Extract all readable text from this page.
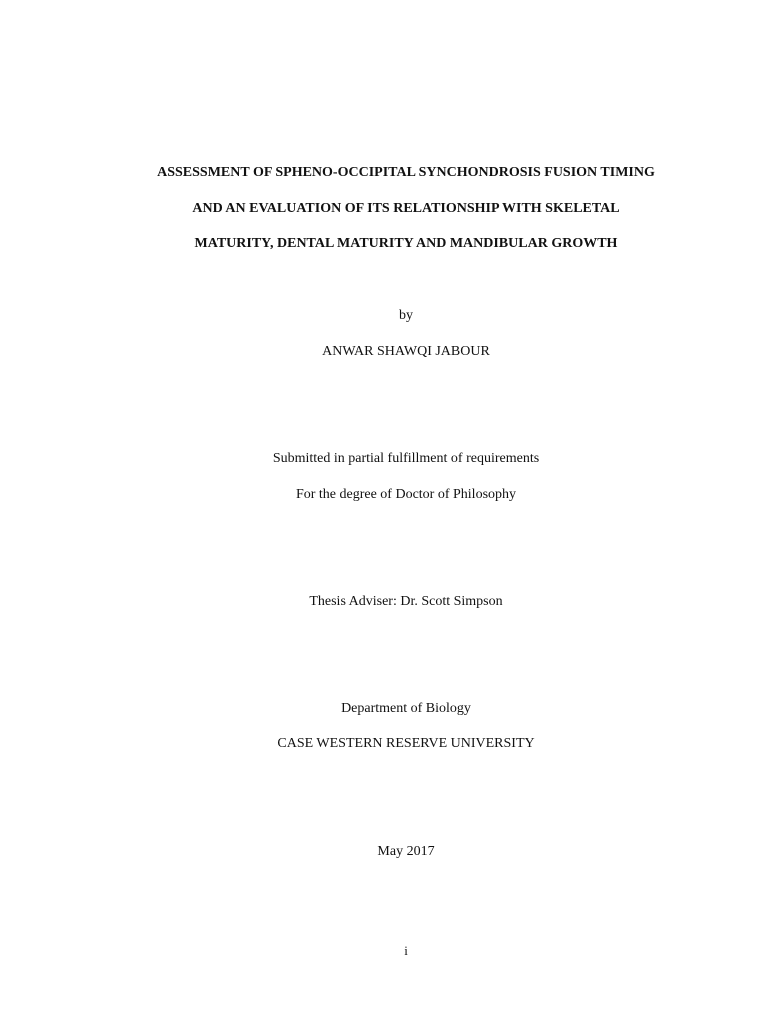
ASSESSMENT OF SPHENO-OCCIPITAL SYNCHONDROSIS FUSION TIMING
AND AN EVALUATION OF ITS RELATIONSHIP WITH SKELETAL
MATURITY, DENTAL MATURITY AND MANDIBULAR GROWTH
by
ANWAR SHAWQI JABOUR
Submitted in partial fulfillment of requirements
For the degree of Doctor of Philosophy
Thesis Adviser: Dr. Scott Simpson
Department of Biology
CASE WESTERN RESERVE UNIVERSITY
May 2017
i
